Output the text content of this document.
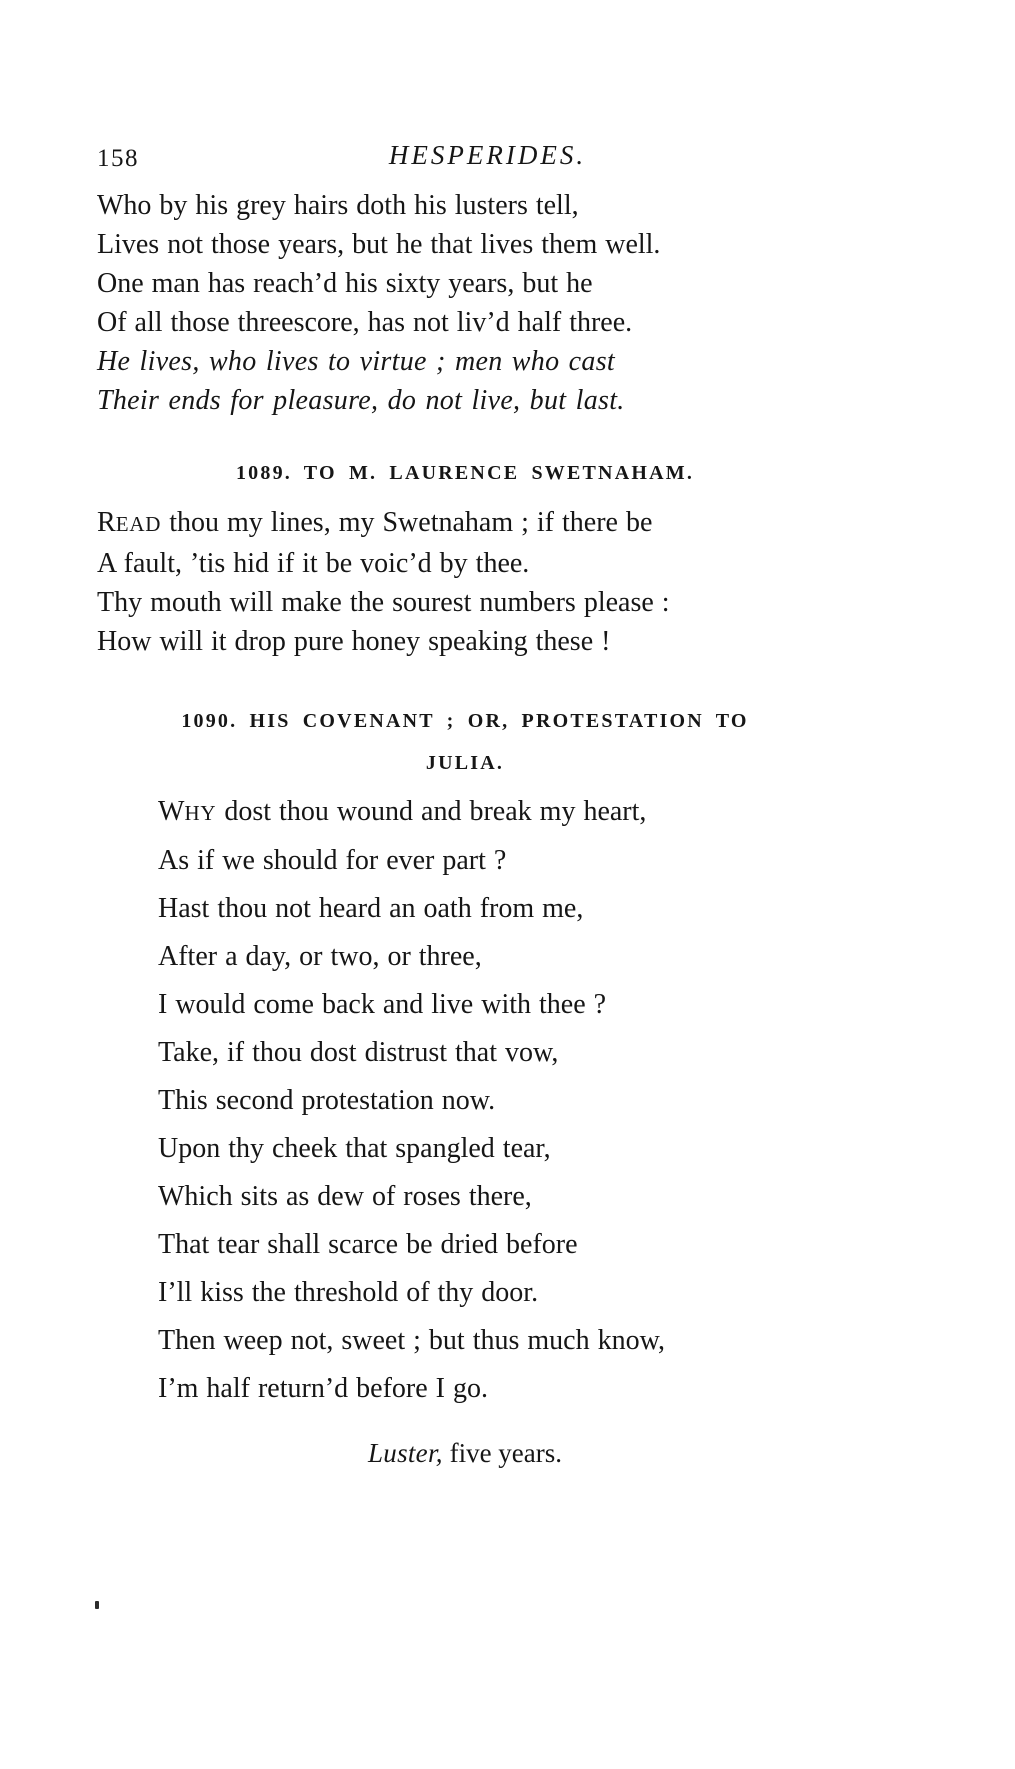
158	HESPERIDES.
Who by his grey hairs doth his lusters tell,
Lives not those years, but he that lives them well.
One man has reach’d his sixty years, but he
Of all those threescore, has not liv’d half three.
He lives, who lives to virtue ; men who cast
Their ends for pleasure, do not live, but last.
1089. TO M. LAURENCE SWETNAHAM.
READ thou my lines, my Swetnaham ; if there be
A fault, ’tis hid if it be voic’d by thee.
Thy mouth will make the sourest numbers please :
How will it drop pure honey speaking these !
1090. HIS COVENANT ; OR, PROTESTATION TO
JULIA.
WHY dost thou wound and break my heart,
As if we should for ever part ?
Hast thou not heard an oath from me,
After a day, or two, or three,
I would come back and live with thee ?
Take, if thou dost distrust that vow,
This second protestation now.
Upon thy cheek that spangled tear,
Which sits as dew of roses there,
That tear shall scarce be dried before
I’ll kiss the threshold of thy door.
Then weep not, sweet ; but thus much know,
I’m half return’d before I go.
Luster, five years.
